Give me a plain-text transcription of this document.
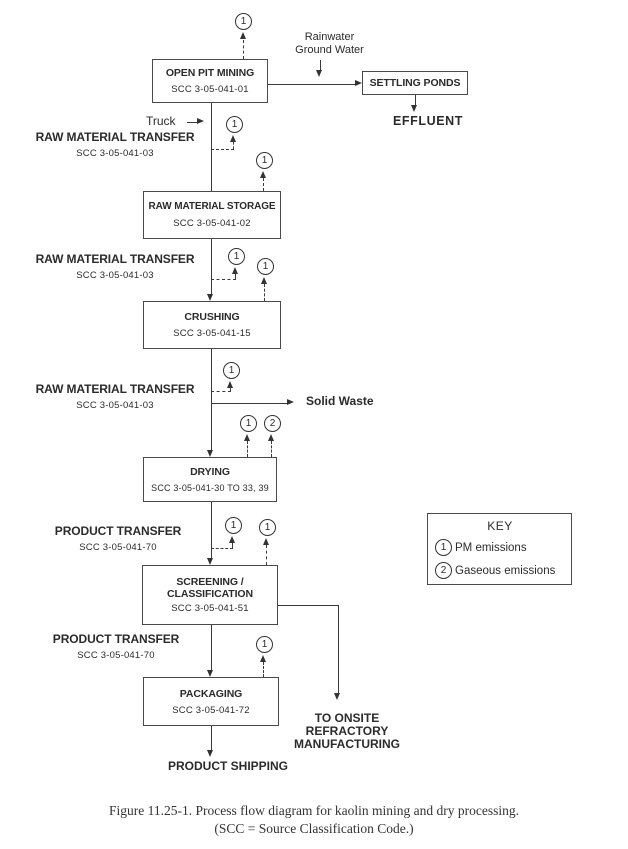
1
1
1
1
1
1
1	2
1	1
1
OPEN PIT MINING
SCC 3-05-041-01
SETTLING PONDS
RAW MATERIAL STORAGE
SCC 3-05-041-02
CRUSHING
SCC 3-05-041-15
DRYING
SCC 3-05-041-30 TO 33, 39
SCREENING /
CLASSIFICATION
SCC 3-05-041-51
PACKAGING
SCC 3-05-041-72
RAW MATERIAL TRANSFER
SCC 3-05-041-03
RAW MATERIAL TRANSFER
SCC 3-05-041-03
RAW MATERIAL TRANSFER
SCC 3-05-041-03
PRODUCT TRANSFER
SCC 3-05-041-70
PRODUCT TRANSFER
SCC 3-05-041-70
Rainwater
Ground Water
Truck	EFFLUENT
Solid Waste
PRODUCT SHIPPING
TO ONSITE
REFRACTORY
MANUFACTURING
KEY
1 PM emissions
2 Gaseous emissions
Figure 11.25-1. Process flow diagram for kaolin mining and dry processing.
(SCC = Source Classification Code.)
